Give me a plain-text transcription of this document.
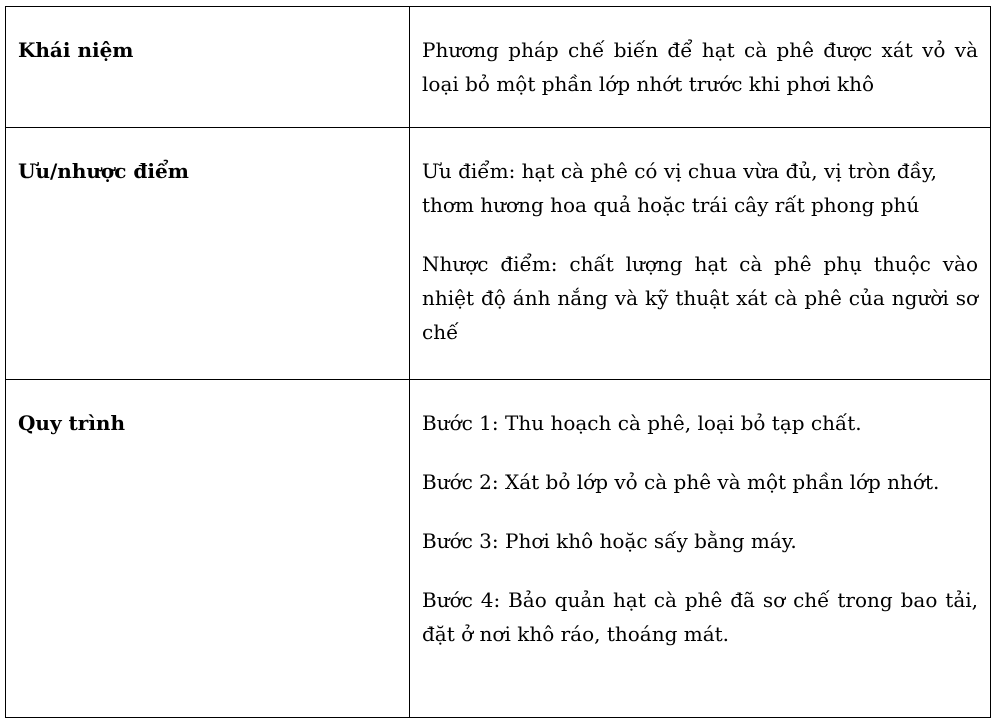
Khái niệm	Phương pháp chế biến để hạt cà phê được xát vỏ và loại bỏ một phần lớp nhớt trước khi phơi khô

Ưu/nhược điểm	Ưu điểm: hạt cà phê có vị chua vừa đủ, vị tròn đầy, thơm hương hoa quả hoặc trái cây rất phong phú

Nhược điểm: chất lượng hạt cà phê phụ thuộc vào nhiệt độ ánh nắng và kỹ thuật xát cà phê của người sơ chế

Quy trình	Bước 1: Thu hoạch cà phê, loại bỏ tạp chất.

Bước 2: Xát bỏ lớp vỏ cà phê và một phần lớp nhớt.

Bước 3: Phơi khô hoặc sấy bằng máy.

Bước 4: Bảo quản hạt cà phê đã sơ chế trong bao tải, đặt ở nơi khô ráo, thoáng mát.
